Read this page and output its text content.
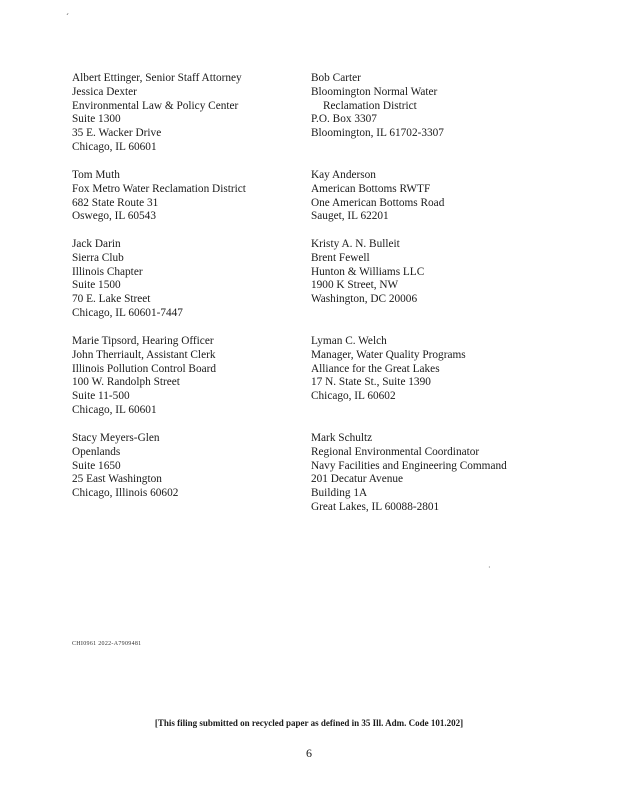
´
Albert Ettinger, Senior Staff Attorney
Jessica Dexter
Environmental Law & Policy Center
Suite 1300
35 E. Wacker Drive
Chicago, IL 60601
Tom Muth
Fox Metro Water Reclamation District
682 State Route 31
Oswego, IL 60543
Jack Darin
Sierra Club
Illinois Chapter
Suite 1500
70 E. Lake Street
Chicago, IL 60601-7447
Marie Tipsord, Hearing Officer
John Therriault, Assistant Clerk
Illinois Pollution Control Board
100 W. Randolph Street
Suite 11-500
Chicago, IL 60601
Stacy Meyers-Glen
Openlands
Suite 1650
25 East Washington
Chicago, Illinois 60602
Bob Carter
Bloomington Normal Water
Reclamation District
P.O. Box 3307
Bloomington, IL 61702-3307
Kay Anderson
American Bottoms RWTF
One American Bottoms Road
Sauget, IL 62201
Kristy A. N. Bulleit
Brent Fewell
Hunton & Williams LLC
1900 K Street, NW
Washington, DC 20006
Lyman C. Welch
Manager, Water Quality Programs
Alliance for the Great Lakes
17 N. State St., Suite 1390
Chicago, IL 60602
Mark Schultz
Regional Environmental Coordinator
Navy Facilities and Engineering Command
201 Decatur Avenue
Building 1A
Great Lakes, IL 60088-2801
·
CHI0961 2022-A7909481
[This filing submitted on recycled paper as defined in 35 Ill. Adm. Code 101.202]
6
